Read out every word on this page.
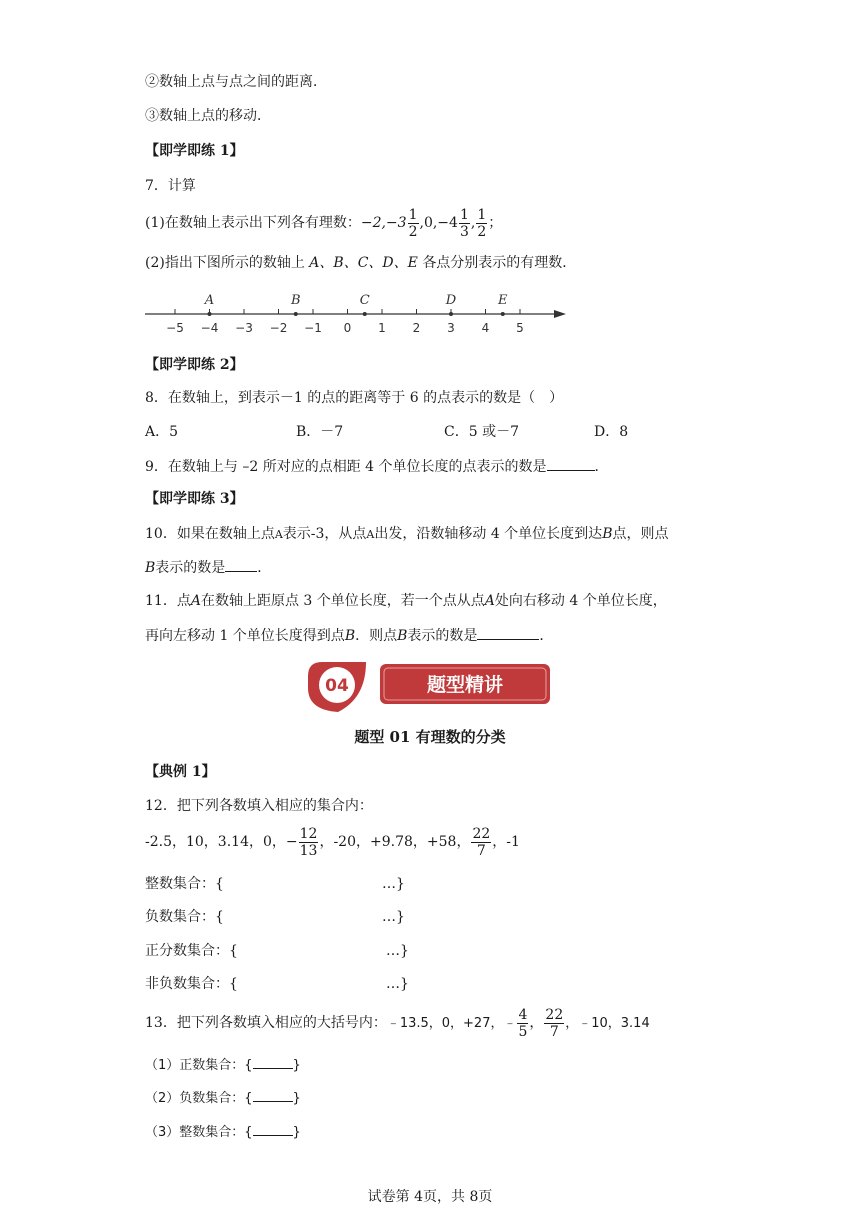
②数轴上点与点之间的距离．
③数轴上点的移动．
【即学即练 1】
7．计算
(1)在数轴上表示出下列各有理数：$-2,-3 \frac{1}{2} ,0,-4 \frac{1}{3}$ , $\frac{1}{2}$ ；
(2)指出下图所示的数轴上 A、B、C、D、E 各点分别表示的有理数．
−5 −4 −3 −2 −1 0 1 2 3 4 5
A	B	C	D	E
【即学即练 2】
8．在数轴上，到表示－1 的点的距离等于 6 的点表示的数是（　）
A．5	B．－7	C．5 或－7	D．8
9．在数轴上与 –2 所对应的点相距 4 个单位长度的点表示的数是	．
【即学即练 3】
10．如果在数轴上点A表示-3，从点A出发，沿数轴移动 4 个单位长度到达B点，则点
B表示的数是 ．
11．点A在数轴上距原点 3 个单位长度，若一个点从点A处向右移动 4 个单位长度，
再向左移动 1 个单位长度得到点B．则点B表示的数是	．
04	题型精讲
题型 01 有理数的分类
【典例 1】
12．把下列各数填入相应的集合内：
-2.5，10，3.14，0，− $\frac{12}{13}$ ，-20，+9.78，+58， $\frac{22}{7}$ ，-1
整数集合：{	…}
负数集合：{	…}
正分数集合：{	…}
非负数集合：{	…}
13．把下列各数填入相应的大括号内：﹣13.5，0，+27，﹣ $\frac{4}{5}$ ， $\frac{22}{7}$ ，﹣10，3.14
（1）正数集合：{	}
（2）负数集合：{	}
（3）整数集合：{	}
试卷第 4页，共 8页
